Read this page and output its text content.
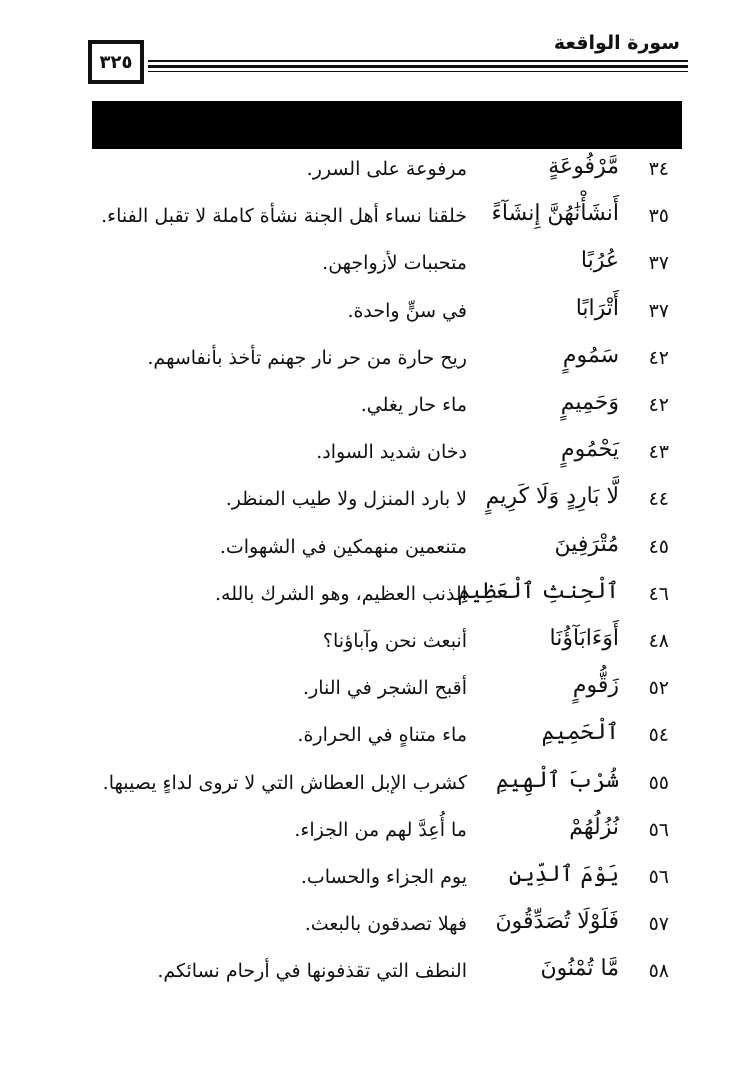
سورة الواقعة
٣٢٥
٣٤
مَّرْفُوعَةٍ
مرفوعة على السرر.
٣٥
أَنشَأْنَٰهُنَّ إِنشَآءً
خلقنا نساء أهل الجنة نشأة كاملة لا تقبل الفناء.
٣٧
عُرُبًا
متحببات لأزواجهن.
٣٧
أَتْرَابًا
في سنٍّ واحدة.
٤٢
سَمُومٍ
ريح حارة من حر نار جهنم تأخذ بأنفاسهم.
٤٢
وَحَمِيمٍ
ماء حار يغلي.
٤٣
يَحْمُومٍ
دخان شديد السواد.
٤٤
لَّا بَارِدٍ وَلَا كَرِيمٍ
لا بارد المنزل ولا طيب المنظر.
٤٥
مُتْرَفِينَ
متنعمين منهمكين في الشهوات.
٤٦
ٱلْحِنثِ ٱلْعَظِيمِ
الذنب العظيم، وهو الشرك بالله.
٤٨
أَوَءَابَآؤُنَا
أنبعث نحن وآباؤنا؟
٥٢
زَقُّومٍ
أقبح الشجر في النار.
٥٤
ٱلْحَمِيمِ
ماء متناهٍ في الحرارة.
٥٥
شُرْبَ ٱلْهِيمِ
كشرب الإبل العطاش التي لا تروى لداءٍ يصيبها.
٥٦
نُزُلُهُمْ
ما أُعِدَّ لهم من الجزاء.
٥٦
يَوْمَ ٱلدِّينِ
يوم الجزاء والحساب.
٥٧
فَلَوْلَا تُصَدِّقُونَ
فهلا تصدقون بالبعث.
٥٨
مَّا تُمْنُونَ
النطف التي تقذفونها في أرحام نسائكم.
